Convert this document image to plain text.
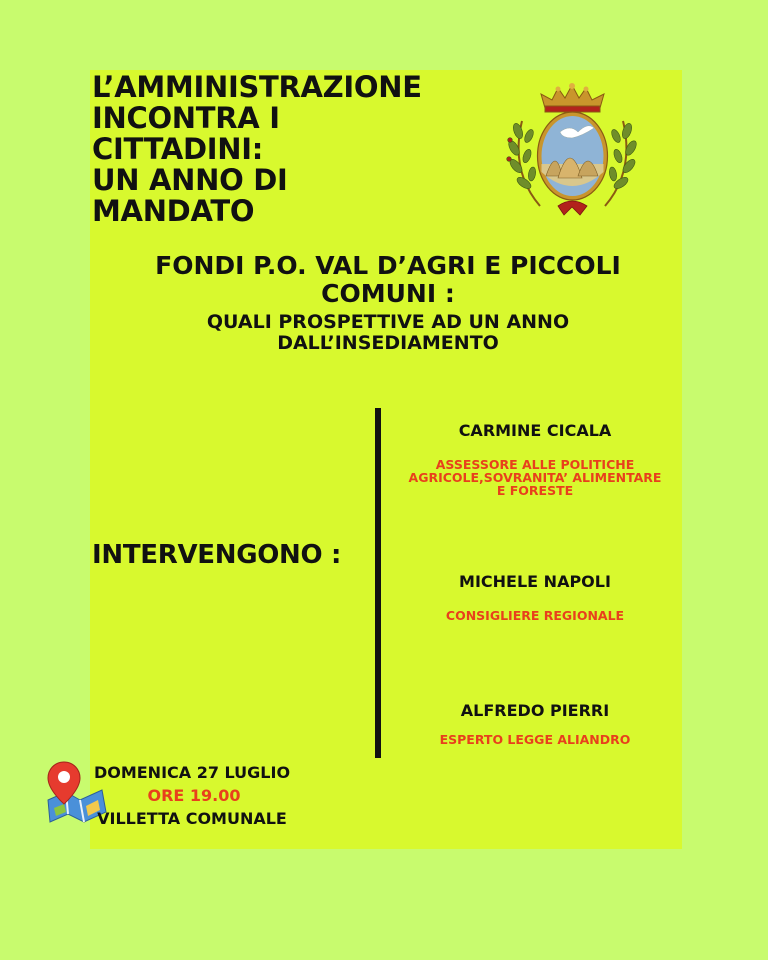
L’AMMINISTRAZIONE
INCONTRA I
CITTADINI:
UN ANNO DI
MANDATO

FONDI P.O. VAL D’AGRI E PICCOLI
COMUNI :

QUALI PROSPETTIVE AD UN ANNO
DALL’INSEDIAMENTO

INTERVENGONO :

CARMINE CICALA

ASSESSORE ALLE POLITICHE
AGRICOLE,SOVRANITA’ ALIMENTARE
E FORESTE

MICHELE NAPOLI

CONSIGLIERE REGIONALE

ALFREDO PIERRI

ESPERTO LEGGE ALIANDRO

DOMENICA 27 LUGLIO

ORE 19.00

VILLETTA COMUNALE
